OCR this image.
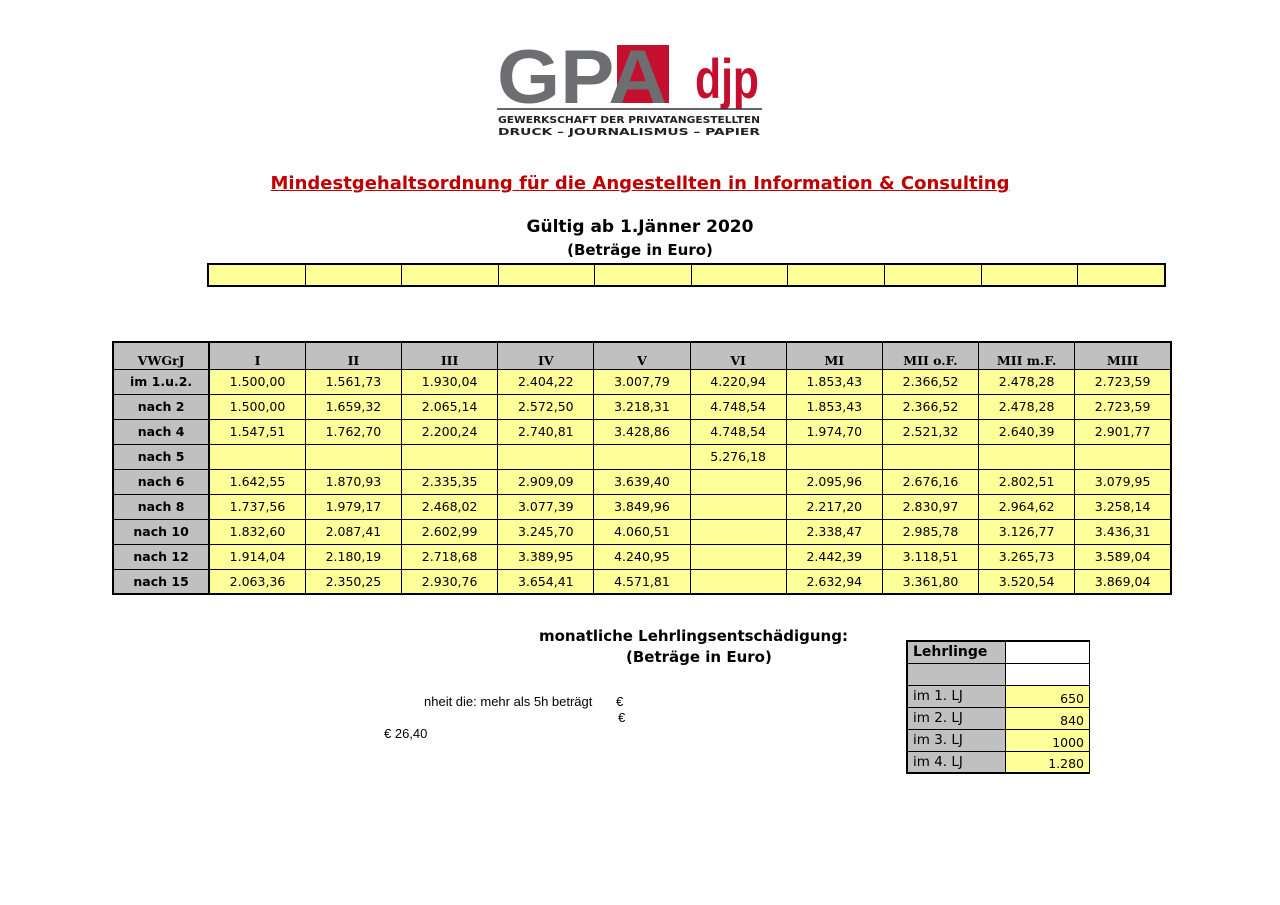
GPA djp
GEWERKSCHAFT DER PRIVATANGESTELLTEN
DRUCK – JOURNALISMUS – PAPIER
Mindestgehaltsordnung für die Angestellten in Information & Consulting
Gültig ab 1.Jänner 2020
(Beträge in Euro)
VWGrJ	I	II	III	IV	V	VI	MI	MII o.F.	MII m.F.	MIII
im 1.u.2.	1.500,00	1.561,73	1.930,04	2.404,22	3.007,79	4.220,94	1.853,43	2.366,52	2.478,28	2.723,59
nach 2	1.500,00	1.659,32	2.065,14	2.572,50	3.218,31	4.748,54	1.853,43	2.366,52	2.478,28	2.723,59
nach 4	1.547,51	1.762,70	2.200,24	2.740,81	3.428,86	4.748,54	1.974,70	2.521,32	2.640,39	2.901,77
nach 5						5.276,18				
nach 6	1.642,55	1.870,93	2.335,35	2.909,09	3.639,40		2.095,96	2.676,16	2.802,51	3.079,95
nach 8	1.737,56	1.979,17	2.468,02	3.077,39	3.849,96		2.217,20	2.830,97	2.964,62	3.258,14
nach 10	1.832,60	2.087,41	2.602,99	3.245,70	4.060,51		2.338,47	2.985,78	3.126,77	3.436,31
nach 12	1.914,04	2.180,19	2.718,68	3.389,95	4.240,95		2.442,39	3.118,51	3.265,73	3.589,04
nach 15	2.063,36	2.350,25	2.930,76	3.654,41	4.571,81		2.632,94	3.361,80	3.520,54	3.869,04
monatliche Lehrlingsentschädigung:
(Beträge in Euro)
nheit die: mehr als 5h beträgt €
€
€ 26,40
Lehrlinge	

im 1. LJ	650
im 2. LJ	840
im 3. LJ	1000
im 4. LJ	1.280
